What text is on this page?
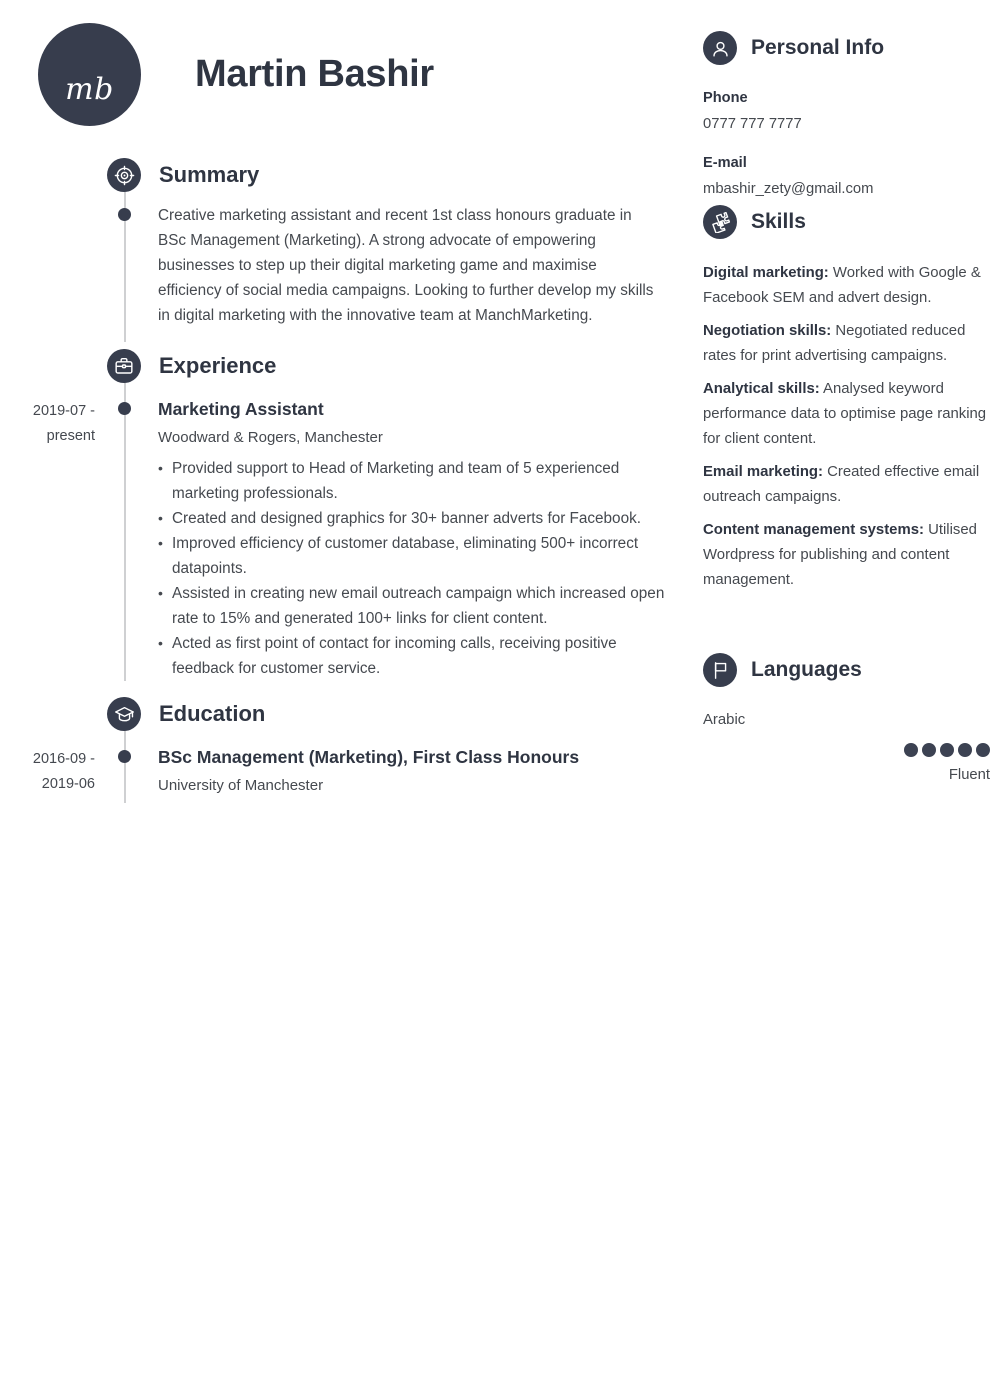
mb Martin Bashir
Summary
Creative marketing assistant and recent 1st class honours graduate in BSc Management (Marketing). A strong advocate of empowering businesses to step up their digital marketing game and maximise efficiency of social media campaigns. Looking to further develop my skills in digital marketing with the innovative team at ManchMarketing.
Experience
2019-07 - present
Marketing Assistant
Woodward & Rogers, Manchester
• Provided support to Head of Marketing and team of 5 experienced marketing professionals.
• Created and designed graphics for 30+ banner adverts for Facebook.
• Improved efficiency of customer database, eliminating 500+ incorrect datapoints.
• Assisted in creating new email outreach campaign which increased open rate to 15% and generated 100+ links for client content.
• Acted as first point of contact for incoming calls, receiving positive feedback for customer service.
Education
2016-09 - 2019-06
BSc Management (Marketing), First Class Honours
University of Manchester
Personal Info
Phone
0777 777 7777
E-mail
mbashir_zety@gmail.com
Skills
Digital marketing: Worked with Google & Facebook SEM and advert design.
Negotiation skills: Negotiated reduced rates for print advertising campaigns.
Analytical skills: Analysed keyword performance data to optimise page ranking for client content.
Email marketing: Created effective email outreach campaigns.
Content management systems: Utilised Wordpress for publishing and content management.
Languages
Arabic
Fluent
